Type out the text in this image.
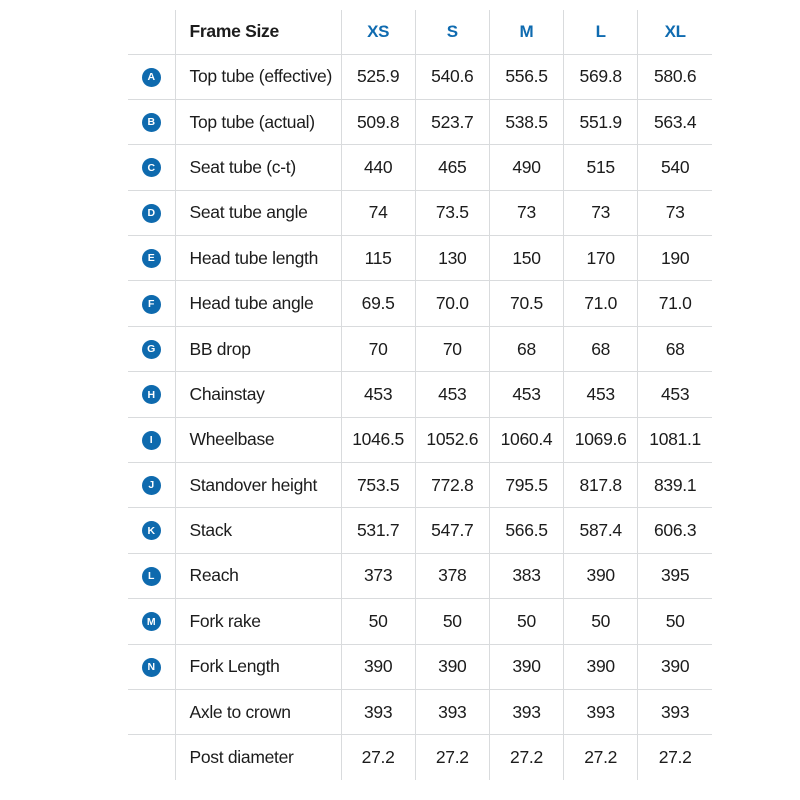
	Frame Size	XS	S	M	L	XL
A	Top tube (effective)	525.9	540.6	556.5	569.8	580.6
B	Top tube (actual)	509.8	523.7	538.5	551.9	563.4
C	Seat tube (c-t)	440	465	490	515	540
D	Seat tube angle	74	73.5	73	73	73
E	Head tube length	115	130	150	170	190
F	Head tube angle	69.5	70.0	70.5	71.0	71.0
G	BB drop	70	70	68	68	68
H	Chainstay	453	453	453	453	453
I	Wheelbase	1046.5	1052.6	1060.4	1069.6	1081.1
J	Standover height	753.5	772.8	795.5	817.8	839.1
K	Stack	531.7	547.7	566.5	587.4	606.3
L	Reach	373	378	383	390	395
M	Fork rake	50	50	50	50	50
N	Fork Length	390	390	390	390	390
	Axle to crown	393	393	393	393	393
	Post diameter	27.2	27.2	27.2	27.2	27.2
